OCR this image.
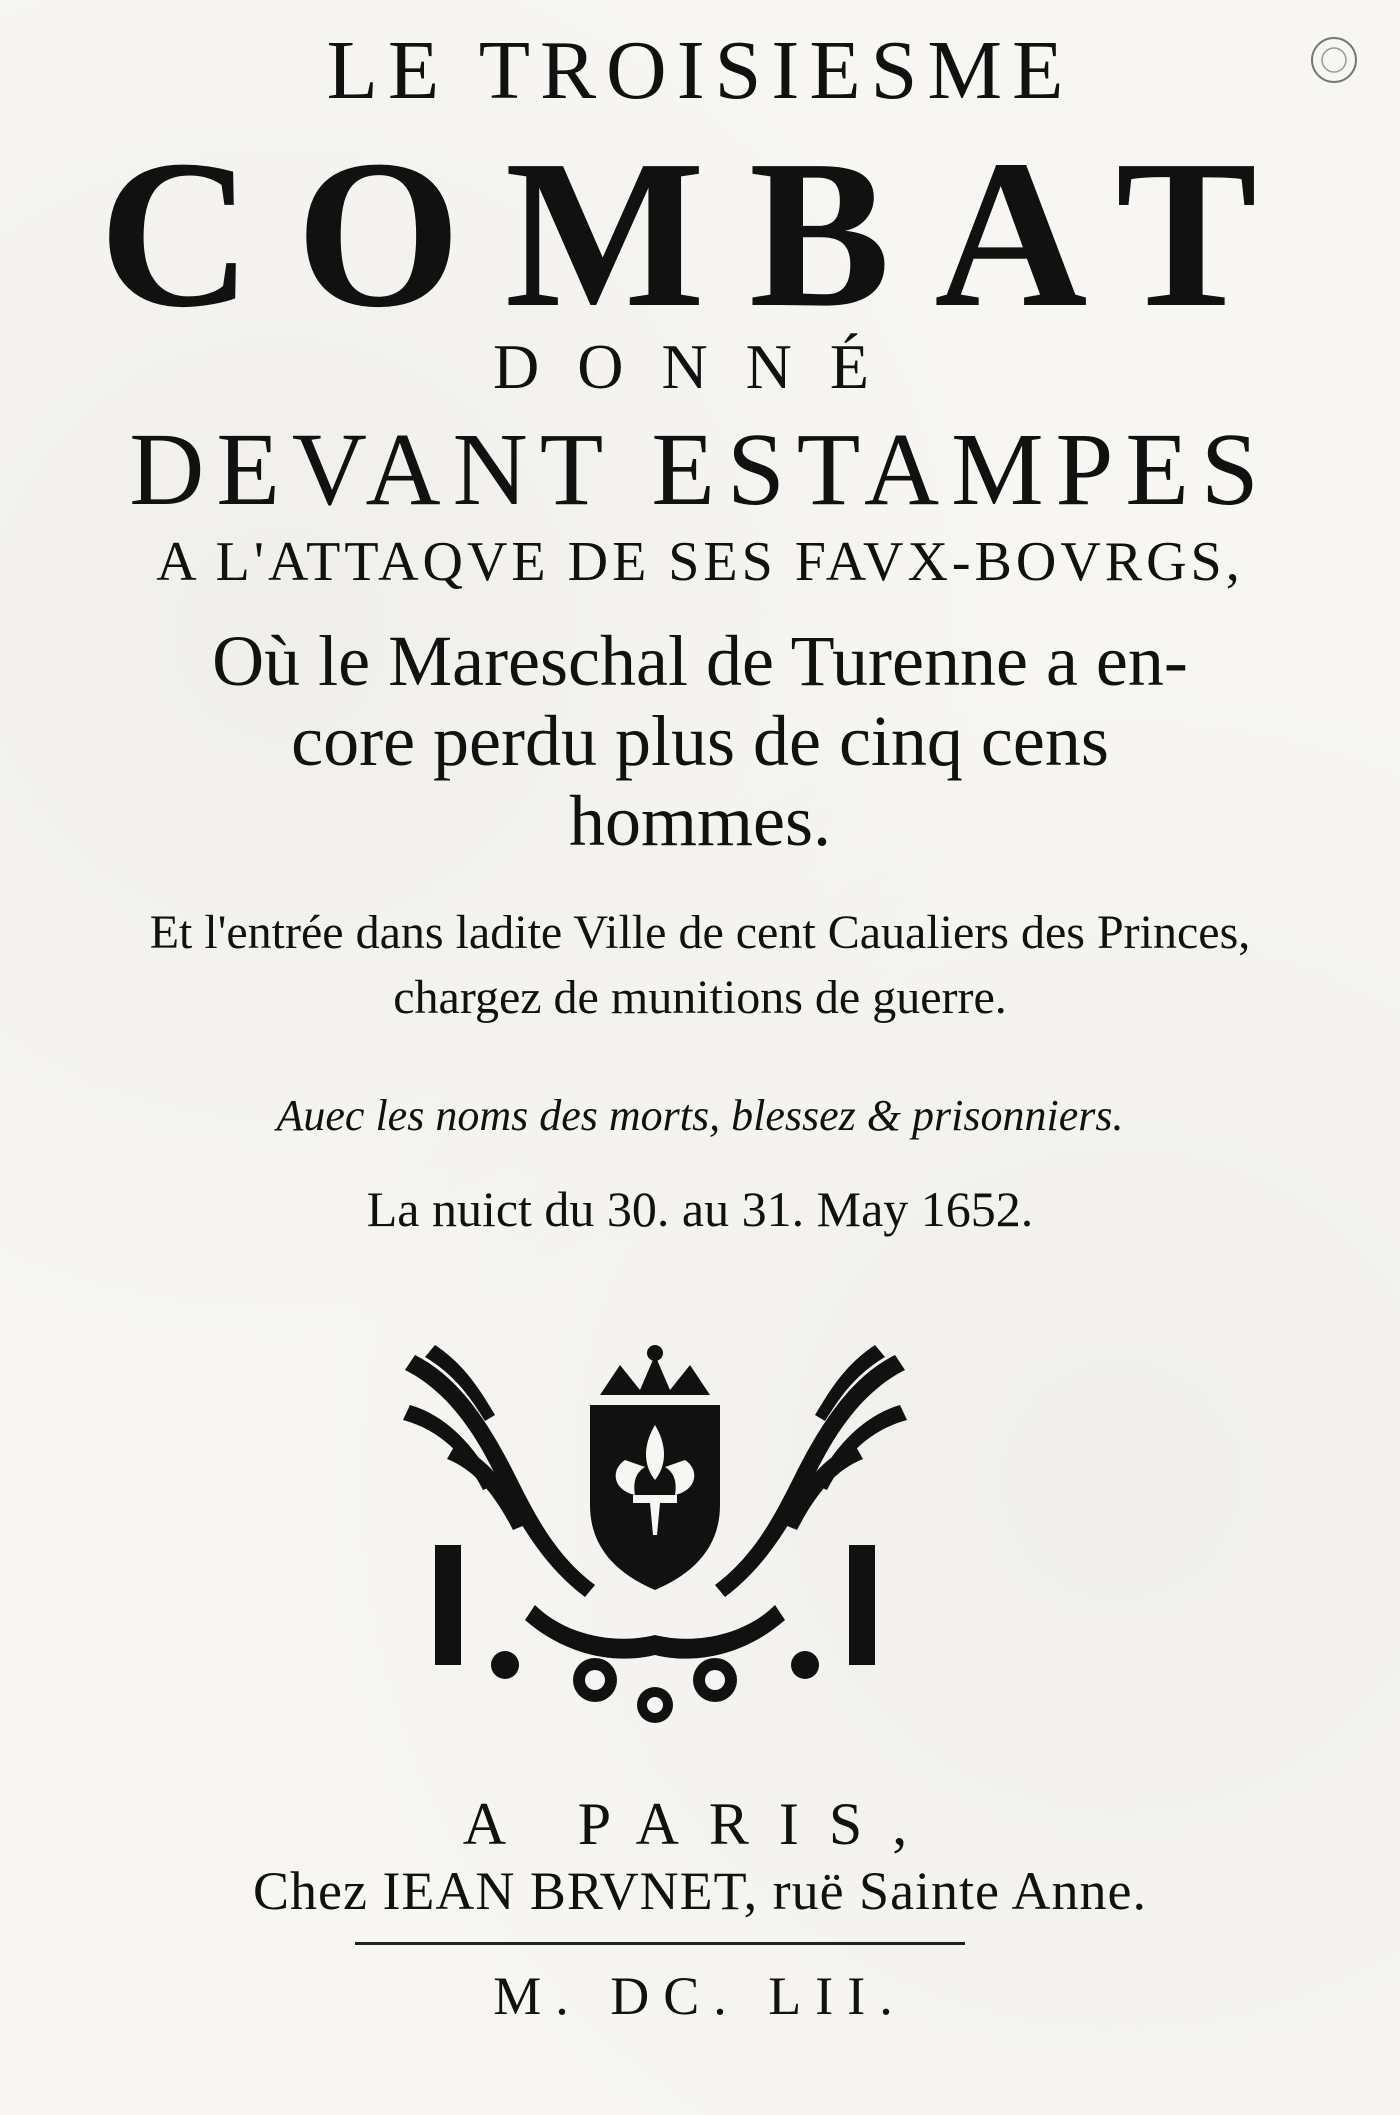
LE TROISIESME
COMBAT
DONNÉ
DEVANT ESTAMPES
A L'ATTAQVE DE SES FAVX-BOVRGS,
Où le Mareschal de Turenne a en-
core perdu plus de cinq cens
hommes.
Et l'entrée dans ladite Ville de cent Caualiers des Princes,
chargez de munitions de guerre.
Auec les noms des morts, blessez & prisonniers.
La nuict du 30. au 31. May 1652.
A PARIS,
Chez IEAN BRVNET, ruë Sainte Anne.
M. DC. LII.
